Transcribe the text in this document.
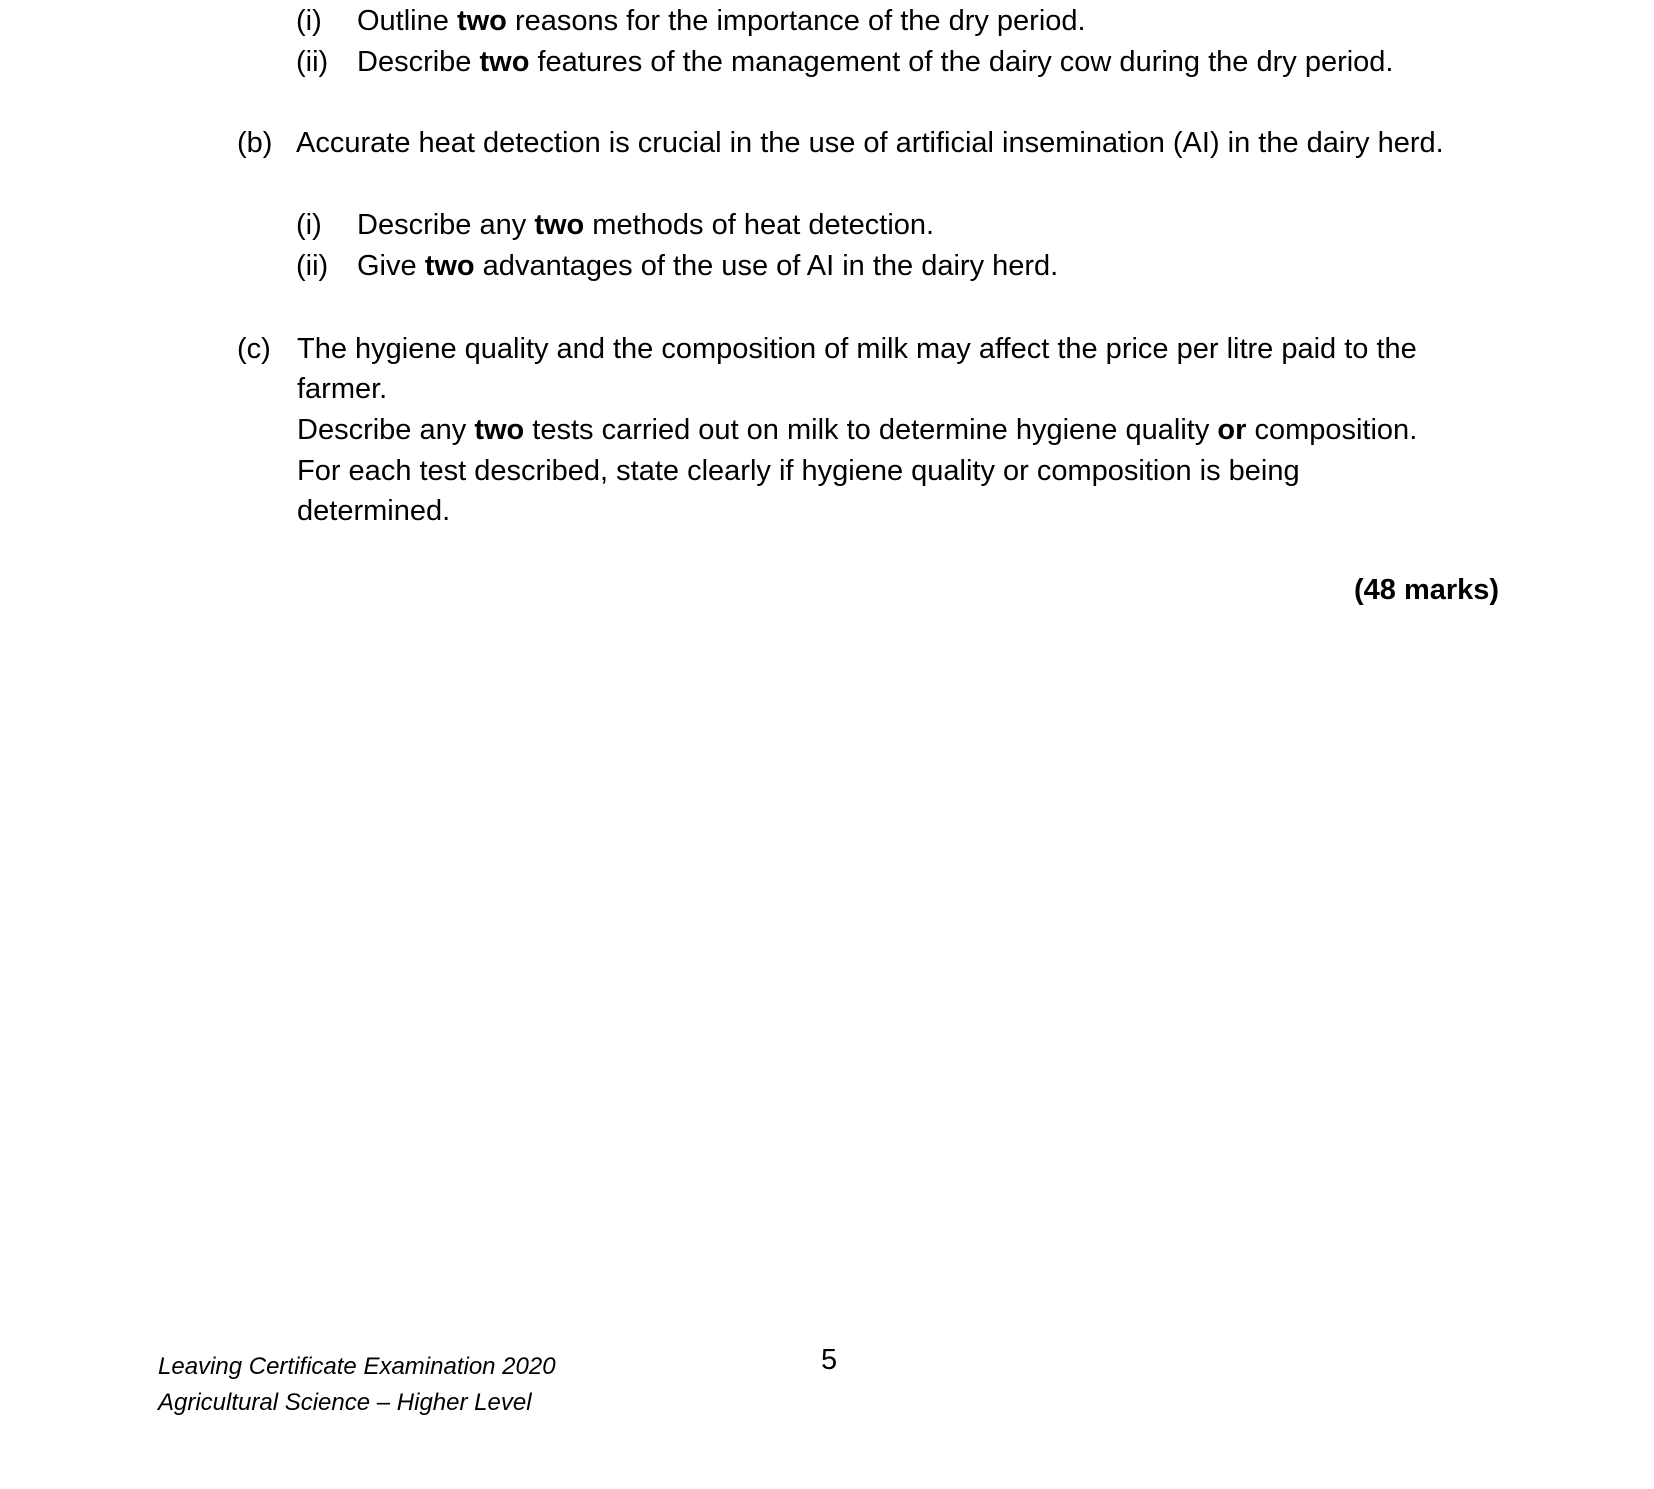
(i) Outline two reasons for the importance of the dry period.
(ii) Describe two features of the management of the dairy cow during the dry period.
(b) Accurate heat detection is crucial in the use of artificial insemination (AI) in the dairy herd.
(i) Describe any two methods of heat detection.
(ii) Give two advantages of the use of AI in the dairy herd.
(c) The hygiene quality and the composition of milk may affect the price per litre paid to the
farmer.
Describe any two tests carried out on milk to determine hygiene quality or composition.
For each test described, state clearly if hygiene quality or composition is being
determined.
(48 marks)
Leaving Certificate Examination 2020
Agricultural Science – Higher Level
5
